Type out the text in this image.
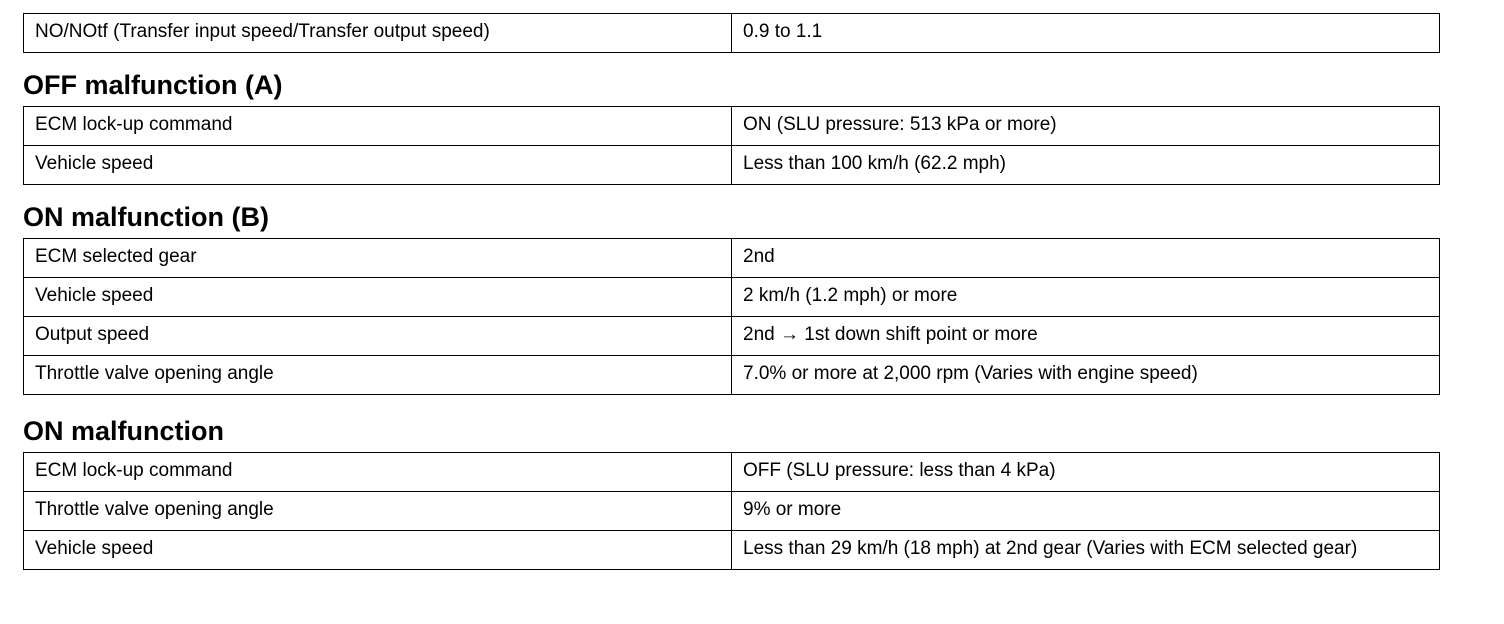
NO/NOtf (Transfer input speed/Transfer output speed)	0.9 to 1.1
OFF malfunction (A)
ECM lock-up command	ON (SLU pressure: 513 kPa or more)
Vehicle speed	Less than 100 km/h (62.2 mph)
ON malfunction (B)
ECM selected gear	2nd
Vehicle speed	2 km/h (1.2 mph) or more
Output speed	2nd → 1st down shift point or more
Throttle valve opening angle	7.0% or more at 2,000 rpm (Varies with engine speed)
ON malfunction
ECM lock-up command	OFF (SLU pressure: less than 4 kPa)
Throttle valve opening angle	9% or more
Vehicle speed	Less than 29 km/h (18 mph) at 2nd gear (Varies with ECM selected gear)
